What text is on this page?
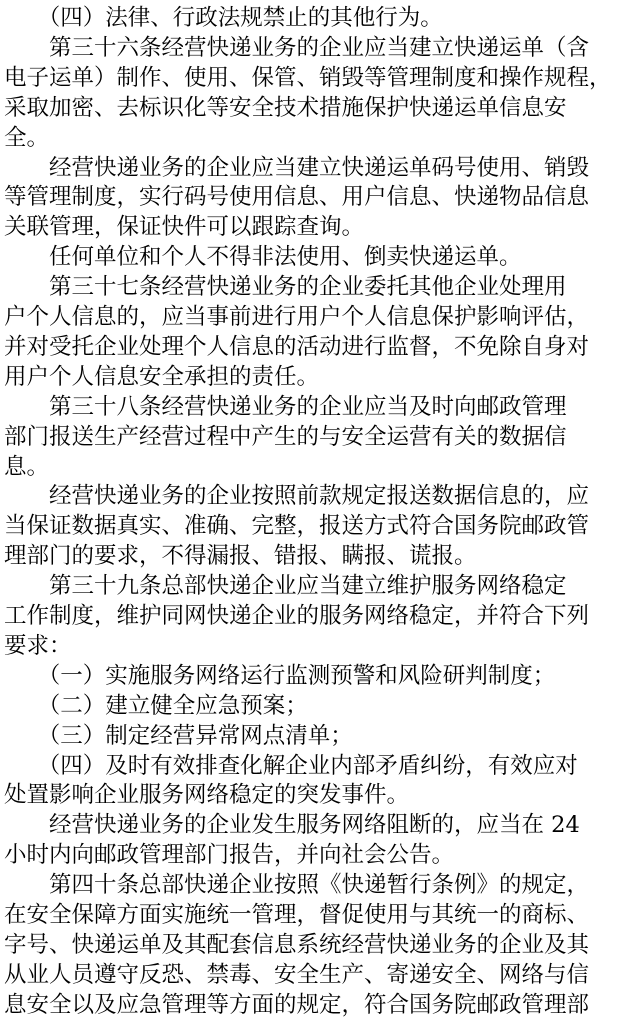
　　（四）法律、行政法规禁止的其他行为。
　　第三十六条经营快递业务的企业应当建立快递运单（含
电子运单）制作、使用、保管、销毁等管理制度和操作规程，
采取加密、去标识化等安全技术措施保护快递运单信息安
全。
　　经营快递业务的企业应当建立快递运单码号使用、销毁
等管理制度，实行码号使用信息、用户信息、快递物品信息
关联管理，保证快件可以跟踪查询。
　　任何单位和个人不得非法使用、倒卖快递运单。
　　第三十七条经营快递业务的企业委托其他企业处理用
户个人信息的，应当事前进行用户个人信息保护影响评估，
并对受托企业处理个人信息的活动进行监督，不免除自身对
用户个人信息安全承担的责任。
　　第三十八条经营快递业务的企业应当及时向邮政管理
部门报送生产经营过程中产生的与安全运营有关的数据信
息。
　　经营快递业务的企业按照前款规定报送数据信息的，应
当保证数据真实、准确、完整，报送方式符合国务院邮政管
理部门的要求，不得漏报、错报、瞒报、谎报。
　　第三十九条总部快递企业应当建立维护服务网络稳定
工作制度，维护同网快递企业的服务网络稳定，并符合下列
要求：
　　（一）实施服务网络运行监测预警和风险研判制度；
　　（二）建立健全应急预案；
　　（三）制定经营异常网点清单；
　　（四）及时有效排查化解企业内部矛盾纠纷，有效应对
处置影响企业服务网络稳定的突发事件。
　　经营快递业务的企业发生服务网络阻断的，应当在 24
小时内向邮政管理部门报告，并向社会公告。
　　第四十条总部快递企业按照《快递暂行条例》的规定，
在安全保障方面实施统一管理，督促使用与其统一的商标、
字号、快递运单及其配套信息系统经营快递业务的企业及其
从业人员遵守反恐、禁毒、安全生产、寄递安全、网络与信
息安全以及应急管理等方面的规定，符合国务院邮政管理部
